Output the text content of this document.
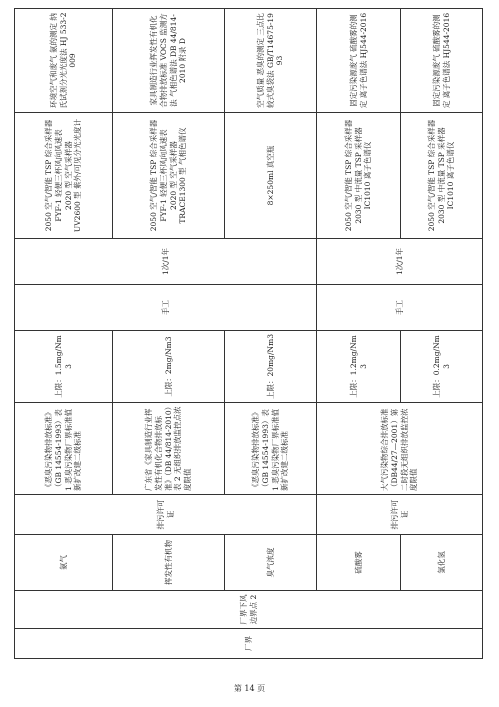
厂界	厂界下风边界点 2	氨气	排污许可证	《恶臭污染物排放标准》（GB 14554-1993）表 1 恶臭污染物厂界标准值新扩改建二级标准	上限：1.5mg/Nm3	手工	1次/1年	2050 空气/智能 TSP 综合采样器 FYF-1 轻便三杯风向风速表 2020 型 空气采样器 UV2600 型 紫外/可见分光光度计	环境空气和废气 氨的测定 纳氏试剂分光光度法 HJ 533-2009
		挥发性有机物		广东省《家具制造行业挥发性有机化合物排放标准》（DB 44/814-2010）表 2 无组织排放监控点浓度限值	上限：2mg/Nm3			2050 空气/智能 TSP 综合采样器 FYF-1 轻便三杯风向风速表 2020 型 空气采样器 TRACE1300 型 气相色谱仪	家具制造行业挥发性有机化合物排放标准 VOCS 监测方法 气相色谱法 DB 44/814-2010 附录 D
		臭气浓度		《恶臭污染物排放标准》（GB 14554-1993）表 1 恶臭污染物厂界标准值新扩改建二级标准	上限：20mg/Nm3			8×250ml 真空瓶	空气质量 恶臭的测定 三点比较式臭袋法 GB/T14675-1993
		硫酸雾	排污许可证	大气污染物综合排放标准（DB44/27—2001）第二时段无组织排放监控浓度限值	上限：1.2mg/Nm3	手工	1次/1年	2050 空气/智能 TSP 综合采样器 2030 型 中流量 TSP 采样器 IC1010 离子色谱仪	固定污染源废气 硫酸雾的测定 离子色谱法 HJ544-2016
		氯化氢			上限：0.2mg/Nm3			2050 空气/智能 TSP 综合采样器 2030 型 中流量 TSP 采样器 IC1010 离子色谱仪	固定污染源废气 硫酸雾的测定 离子色谱法 HJ544-2016
第 14 页
